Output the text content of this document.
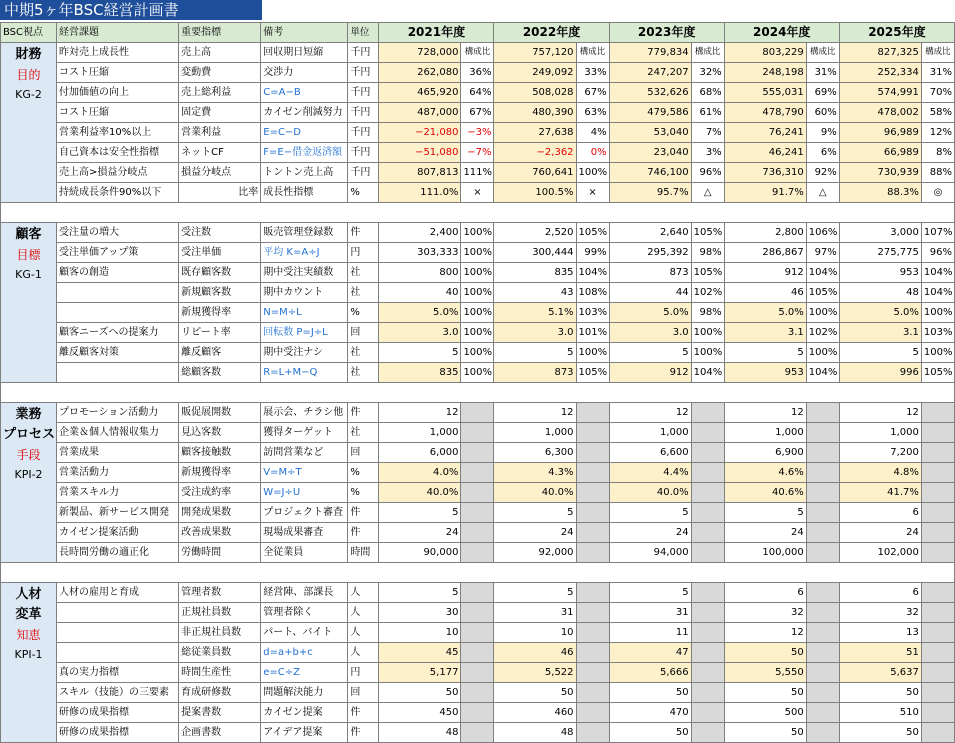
中期5ヶ年BSC経営計画書
BSC視点	経営課題	重要指標	備考	単位	2021年度		2022年度		2023年度		2024年度		2025年度	

財務
目的
KG-2	昨対売上成長性	売上高	回収期日短縮	千円	728,000	構成比	757,120	構成比	779,834	構成比	803,229	構成比	827,325	構成比
	コスト圧縮	変動費	交渉力	千円	262,080	36%	249,092	33%	247,207	32%	248,198	31%	252,334	31%
	付加価値の向上	売上総利益	C=A−B	千円	465,920	64%	508,028	67%	532,626	68%	555,031	69%	574,991	70%
	コスト圧縮	固定費	カイゼン削減努力	千円	487,000	67%	480,390	63%	479,586	61%	478,790	60%	478,002	58%
	営業利益率10%以上	営業利益	E=C−D	千円	−21,080	−3%	27,638	4%	53,040	7%	76,241	9%	96,989	12%
	自己資本は安全性指標	ネットCF	F=E−借金返済額	千円	−51,080	−7%	−2,362	0%	23,040	3%	46,241	6%	66,989	8%
	売上高>損益分岐点	損益分岐点	トントン売上高	千円	807,813	111%	760,641	100%	746,100	96%	736,310	92%	730,939	88%
	持続成長条件90%以下	比率	成長性指標	%	111.0%	×	100.5%	×	95.7%	△	91.7%	△	88.3%	◎

顧客
目標
KG-1	受注量の増大	受注数	販売管理登録数	件	2,400	100%	2,520	105%	2,640	105%	2,800	106%	3,000	107%
	受注単価アップ策	受注単価	平均 K=A÷J	円	303,333	100%	300,444	99%	295,392	98%	286,867	97%	275,775	96%
	顧客の創造	既存顧客数	期中受注実績数	社	800	100%	835	104%	873	105%	912	104%	953	104%
		新規顧客数	期中カウント	社	40	100%	43	108%	44	102%	46	105%	48	104%
		新規獲得率	N=M÷L	%	5.0%	100%	5.1%	103%	5.0%	98%	5.0%	100%	5.0%	100%
	顧客ニーズへの提案力	リピート率	回転数 P=J÷L	回	3.0	100%	3.0	101%	3.0	100%	3.1	102%	3.1	103%
	離反顧客対策	離反顧客	期中受注ナシ	社	5	100%	5	100%	5	100%	5	100%	5	100%
		総顧客数	R=L+M−Q	社	835	100%	873	105%	912	104%	953	104%	996	105%

業務
プロセス
手段
KPI-2	プロモーション活動力	販促展開数	展示会、チラシ他	件	12		12		12		12		12	
	企業＆個人情報収集力	見込客数	獲得ターゲット	社	1,000		1,000		1,000		1,000		1,000	
	営業成果	顧客接触数	訪問営業など	回	6,000		6,300		6,600		6,900		7,200	
	営業活動力	新規獲得率	V=M÷T	%	4.0%		4.3%		4.4%		4.6%		4.8%	
	営業スキル力	受注成約率	W=J÷U	%	40.0%		40.0%		40.0%		40.6%		41.7%	
	新製品、新サービス開発	開発成果数	プロジェクト審査	件	5		5		5		5		6	
	カイゼン提案活動	改善成果数	現場成果審査	件	24		24		24		24		24	
	長時間労働の適正化	労働時間	全従業員	時間	90,000		92,000		94,000		100,000		102,000	

人材
変革
知恵
KPI-1	人材の雇用と育成	管理者数	経営陣、部課長	人	5		5		5		6		6	
		正規社員数	管理者除く	人	30		31		31		32		32	
		非正規社員数	パート、バイト	人	10		10		11		12		13	
		総従業員数	d=a+b+c	人	45		46		47		50		51	
	真の実力指標	時間生産性	e=C÷Z	円	5,177		5,522		5,666		5,550		5,637	
	スキル（技能）の三要素	育成研修数	問題解決能力	回	50		50		50		50		50	
	研修の成果指標	提案書数	カイゼン提案	件	450		460		470		500		510	
	研修の成果指標	企画書数	アイデア提案	件	48		48		50		50		50	
